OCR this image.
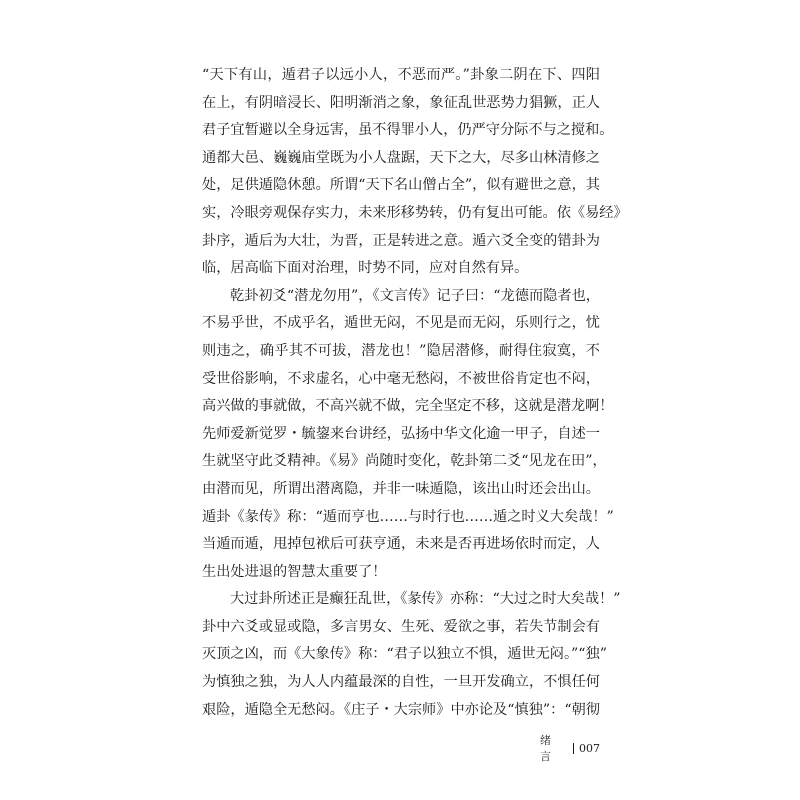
“天下有山，遁君子以远小人，不恶而严。”卦象二阴在下、四阳
在上，有阴暗浸长、阳明渐消之象，象征乱世恶势力猖獗，正人
君子宜暂避以全身远害，虽不得罪小人，仍严守分际不与之搅和。
通都大邑、巍巍庙堂既为小人盘踞，天下之大，尽多山林清修之
处，足供遁隐休憩。所谓“天下名山僧占全”，似有避世之意，其
实，冷眼旁观保存实力，未来形移势转，仍有复出可能。依《易经》
卦序，遁后为大壮，为晋，正是转进之意。遁六爻全变的错卦为
临，居高临下面对治理，时势不同，应对自然有异。
乾卦初爻“潜龙勿用”，《文言传》记子曰：“龙德而隐者也，
不易乎世，不成乎名，遁世无闷，不见是而无闷，乐则行之，忧
则违之，确乎其不可拔，潜龙也！”隐居潜修，耐得住寂寞，不
受世俗影响，不求虚名，心中毫无愁闷，不被世俗肯定也不闷，
高兴做的事就做，不高兴就不做，完全坚定不移，这就是潜龙啊！
先师爱新觉罗・毓鋆来台讲经，弘扬中华文化逾一甲子，自述一
生就坚守此爻精神。《易》尚随时变化，乾卦第二爻“见龙在田”，
由潜而见，所谓出潜离隐，并非一味遁隐，该出山时还会出山。
遁卦《彖传》称：“遁而亨也……与时行也……遁之时义大矣哉！”
当遁而遁，甩掉包袱后可获亨通，未来是否再进场依时而定，人
生出处进退的智慧太重要了！
大过卦所述正是癫狂乱世，《彖传》亦称：“大过之时大矣哉！”
卦中六爻或显或隐，多言男女、生死、爱欲之事，若失节制会有
灭顶之凶，而《大象传》称：“君子以独立不惧，遁世无闷。”“独”
为慎独之独，为人人内蕴最深的自性，一旦开发确立，不惧任何
艰险，遁隐全无愁闷。《庄子・大宗师》中亦论及“慎独”：“朝彻
绪 言
007
